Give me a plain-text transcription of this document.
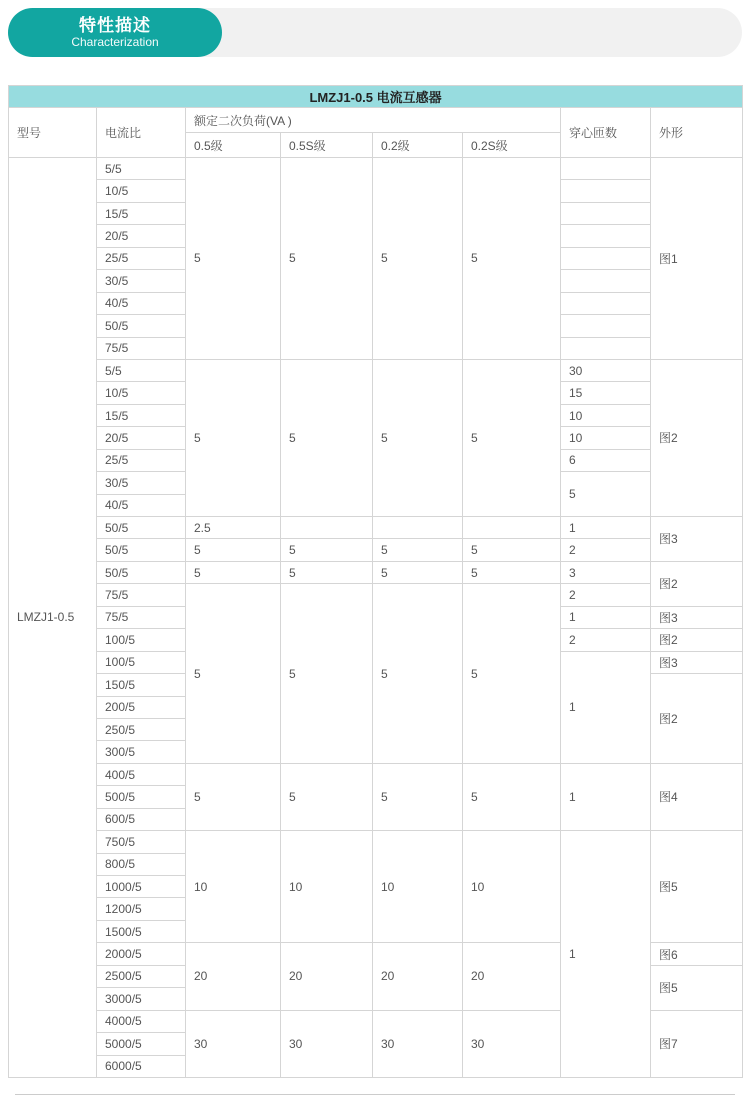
特性描述
Characterization
LMZJ1-0.5 电流互感器							
型号	电流比	额定二次负荷(VA )				穿心匝数	外形
		0.5级	0.5S级	0.2级	0.2S级		
LMZJ1-0.5	5/5	5	5	5	5		图1
	10/5						
	15/5						
	20/5						
	25/5						
	30/5						
	40/5						
	50/5						
	75/5						
	5/5	5	5	5	5	30	图2
	10/5					15	
	15/5					10	
	20/5					10	
	25/5					6	
	30/5					5	
	40/5						
	50/5	2.5				1	图3
	50/5	5	5	5	5	2	
	50/5	5	5	5	5	3	图2
	75/5	5	5	5	5	2	
	75/5					1	图3
	100/5					2	图2
	100/5					1	图3
	150/5						图2
	200/5						
	250/5						
	300/5						
	400/5	5	5	5	5	1	图4
	500/5						
	600/5						
	750/5	10	10	10	10	1	图5
	800/5						
	1000/5						
	1200/5						
	1500/5						
	2000/5	20	20	20	20		图6
	2500/5						图5
	3000/5						
	4000/5	30	30	30	30		图7
	5000/5						
	6000/5						
